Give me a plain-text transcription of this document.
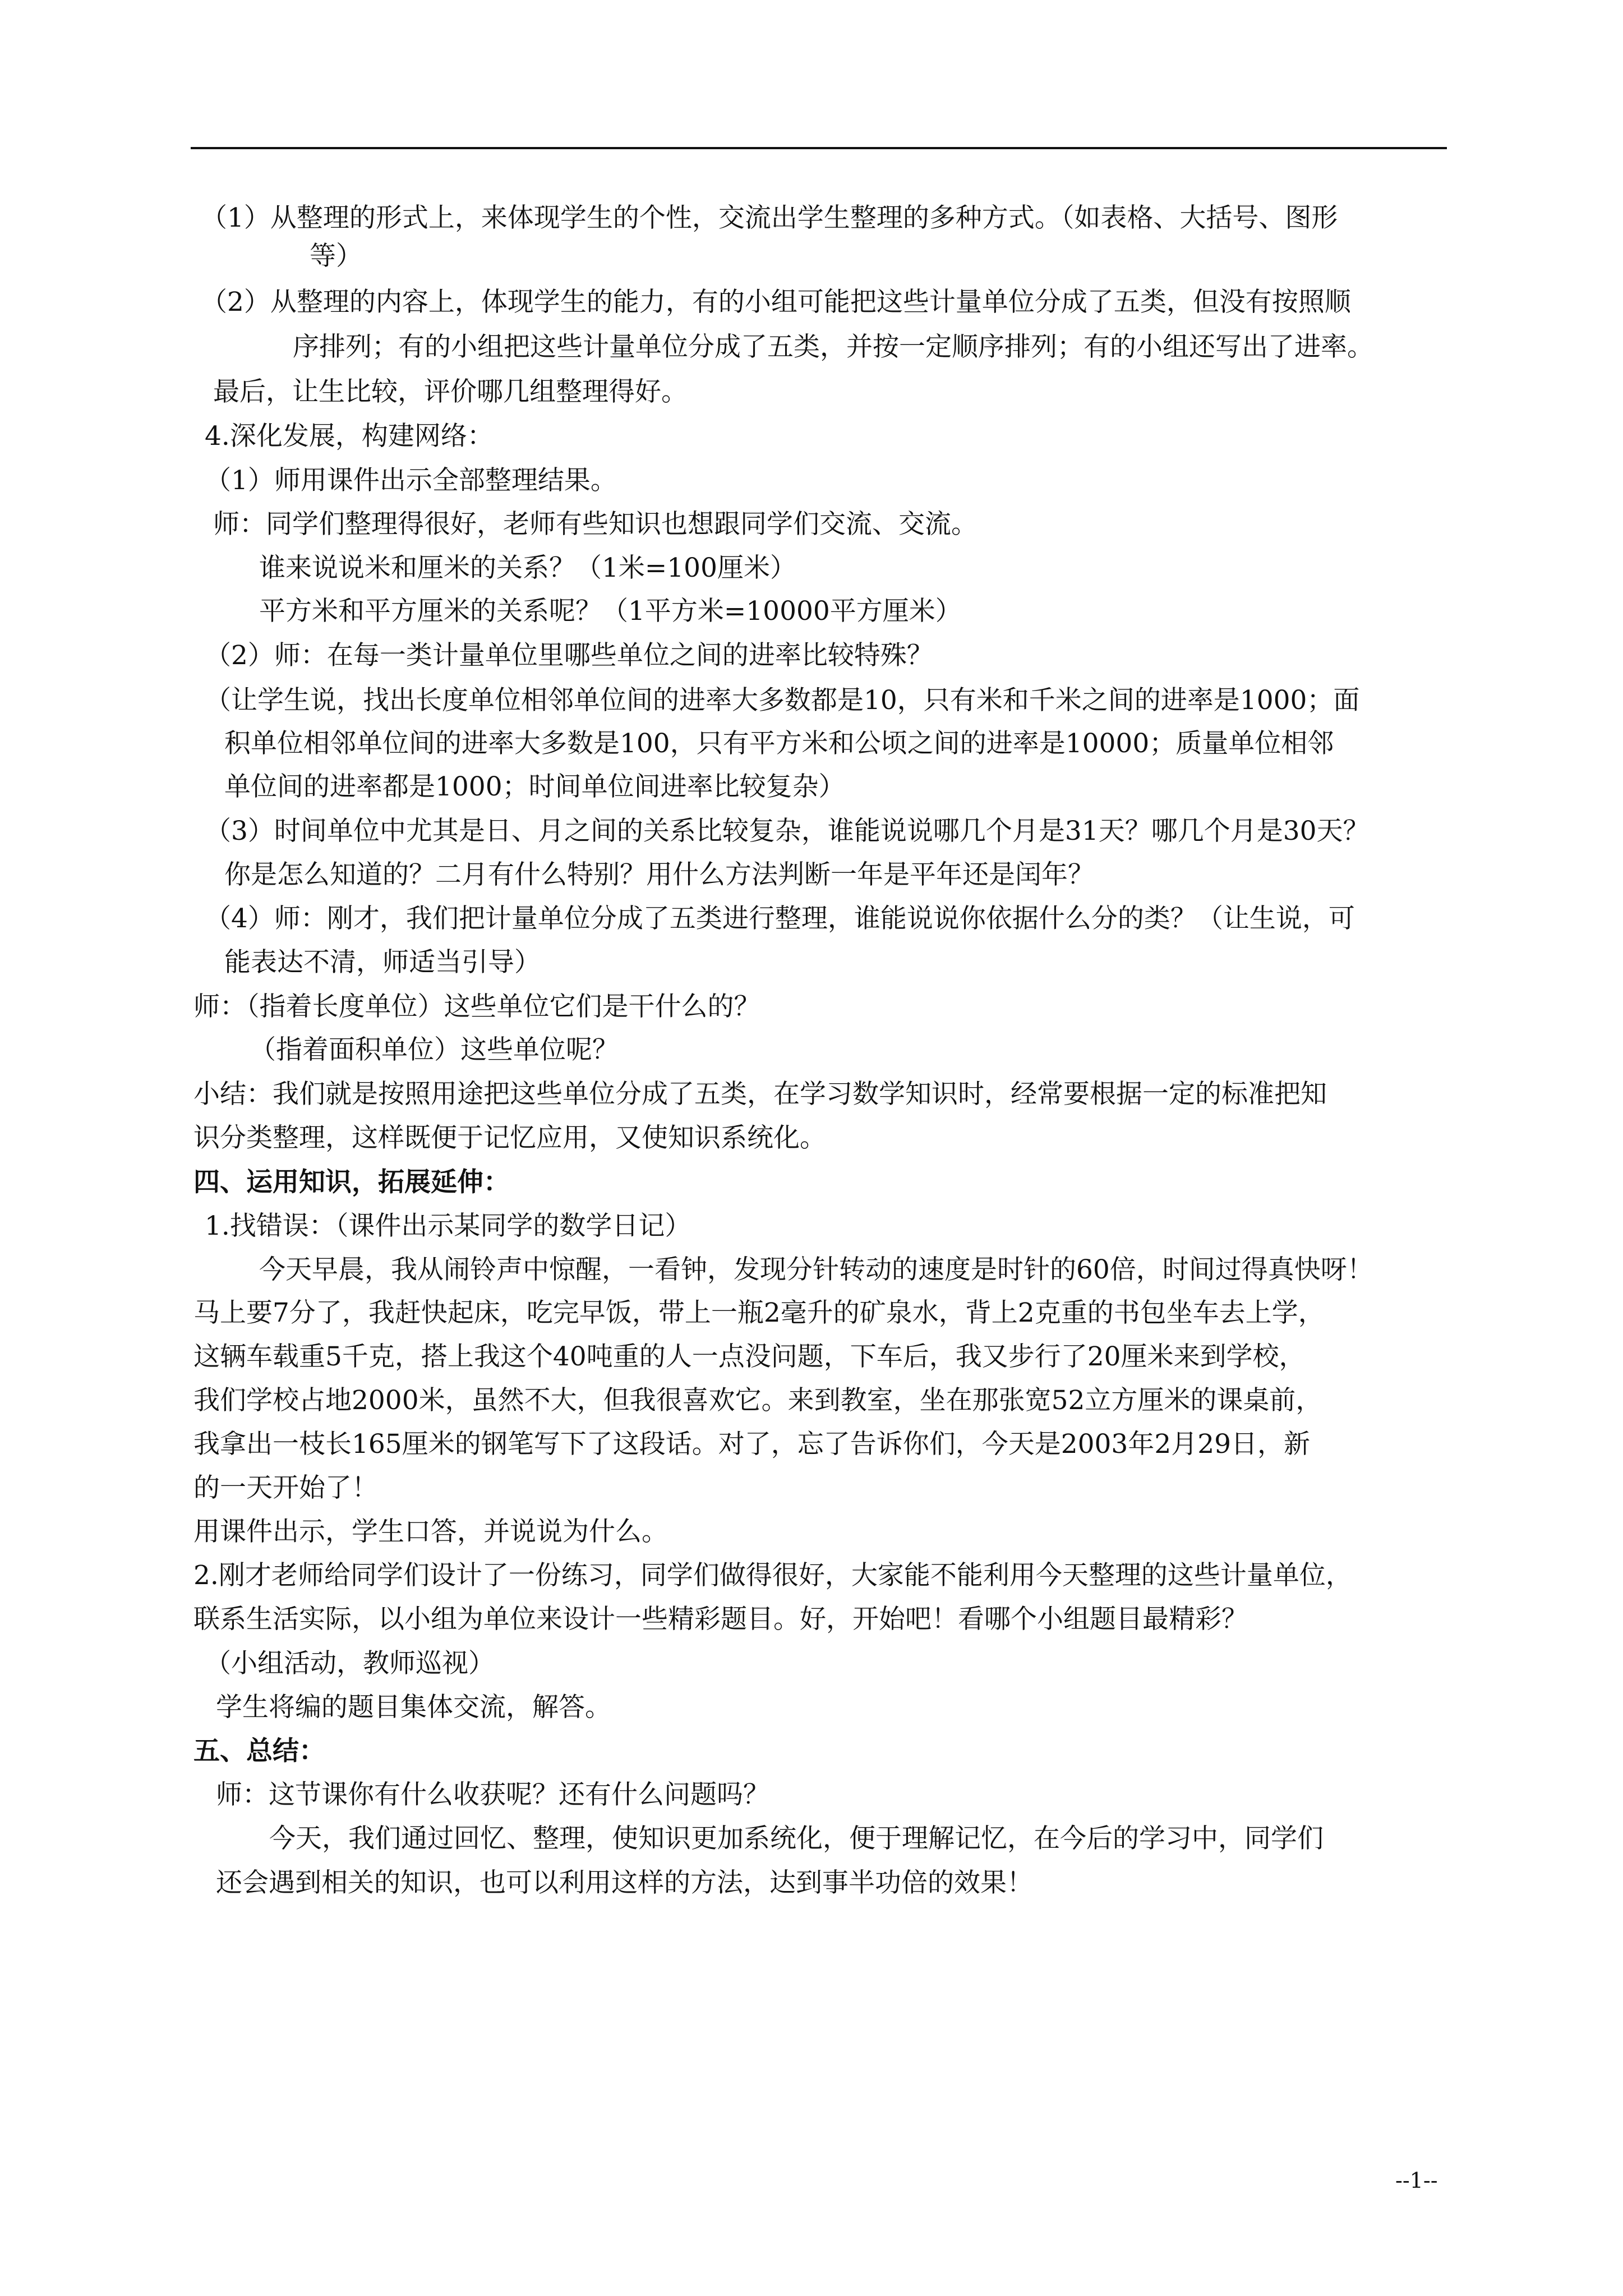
（1）从整理的形式上，来体现学生的个性，交流出学生整理的多种方式。（如表格、大括号、图形
等）
（2）从整理的内容上，体现学生的能力，有的小组可能把这些计量单位分成了五类，但没有按照顺
序排列；有的小组把这些计量单位分成了五类，并按一定顺序排列；有的小组还写出了进率。
最后，让生比较，评价哪几组整理得好。
4.深化发展，构建网络：
（1）师用课件出示全部整理结果。
师：同学们整理得很好，老师有些知识也想跟同学们交流、交流。
谁来说说米和厘米的关系？（1米=100厘米）
平方米和平方厘米的关系呢？（1平方米=10000平方厘米）
（2）师：在每一类计量单位里哪些单位之间的进率比较特殊？
（让学生说，找出长度单位相邻单位间的进率大多数都是10，只有米和千米之间的进率是1000；面
积单位相邻单位间的进率大多数是100，只有平方米和公顷之间的进率是10000；质量单位相邻
单位间的进率都是1000；时间单位间进率比较复杂）
（3）时间单位中尤其是日、月之间的关系比较复杂，谁能说说哪几个月是31天？哪几个月是30天？
你是怎么知道的？二月有什么特别？用什么方法判断一年是平年还是闰年？
（4）师：刚才，我们把计量单位分成了五类进行整理，谁能说说你依据什么分的类？（让生说，可
能表达不清，师适当引导）
师：（指着长度单位）这些单位它们是干什么的？
（指着面积单位）这些单位呢？
小结：我们就是按照用途把这些单位分成了五类，在学习数学知识时，经常要根据一定的标准把知
识分类整理，这样既便于记忆应用，又使知识系统化。
四、运用知识，拓展延伸：
1.找错误：（课件出示某同学的数学日记）
今天早晨，我从闹铃声中惊醒，一看钟，发现分针转动的速度是时针的60倍，时间过得真快呀！
马上要7分了，我赶快起床，吃完早饭，带上一瓶2毫升的矿泉水，背上2克重的书包坐车去上学，
这辆车载重5千克，搭上我这个40吨重的人一点没问题，下车后，我又步行了20厘米来到学校，
我们学校占地2000米，虽然不大，但我很喜欢它。来到教室，坐在那张宽52立方厘米的课桌前，
我拿出一枝长165厘米的钢笔写下了这段话。对了，忘了告诉你们，今天是2003年2月29日，新
的一天开始了！
用课件出示，学生口答，并说说为什么。
2.刚才老师给同学们设计了一份练习，同学们做得很好，大家能不能利用今天整理的这些计量单位，
联系生活实际，以小组为单位来设计一些精彩题目。好，开始吧！看哪个小组题目最精彩？
（小组活动，教师巡视）
学生将编的题目集体交流，解答。
五、总结：
师：这节课你有什么收获呢？还有什么问题吗？
今天，我们通过回忆、整理，使知识更加系统化，便于理解记忆，在今后的学习中，同学们
还会遇到相关的知识，也可以利用这样的方法，达到事半功倍的效果！
--1--
